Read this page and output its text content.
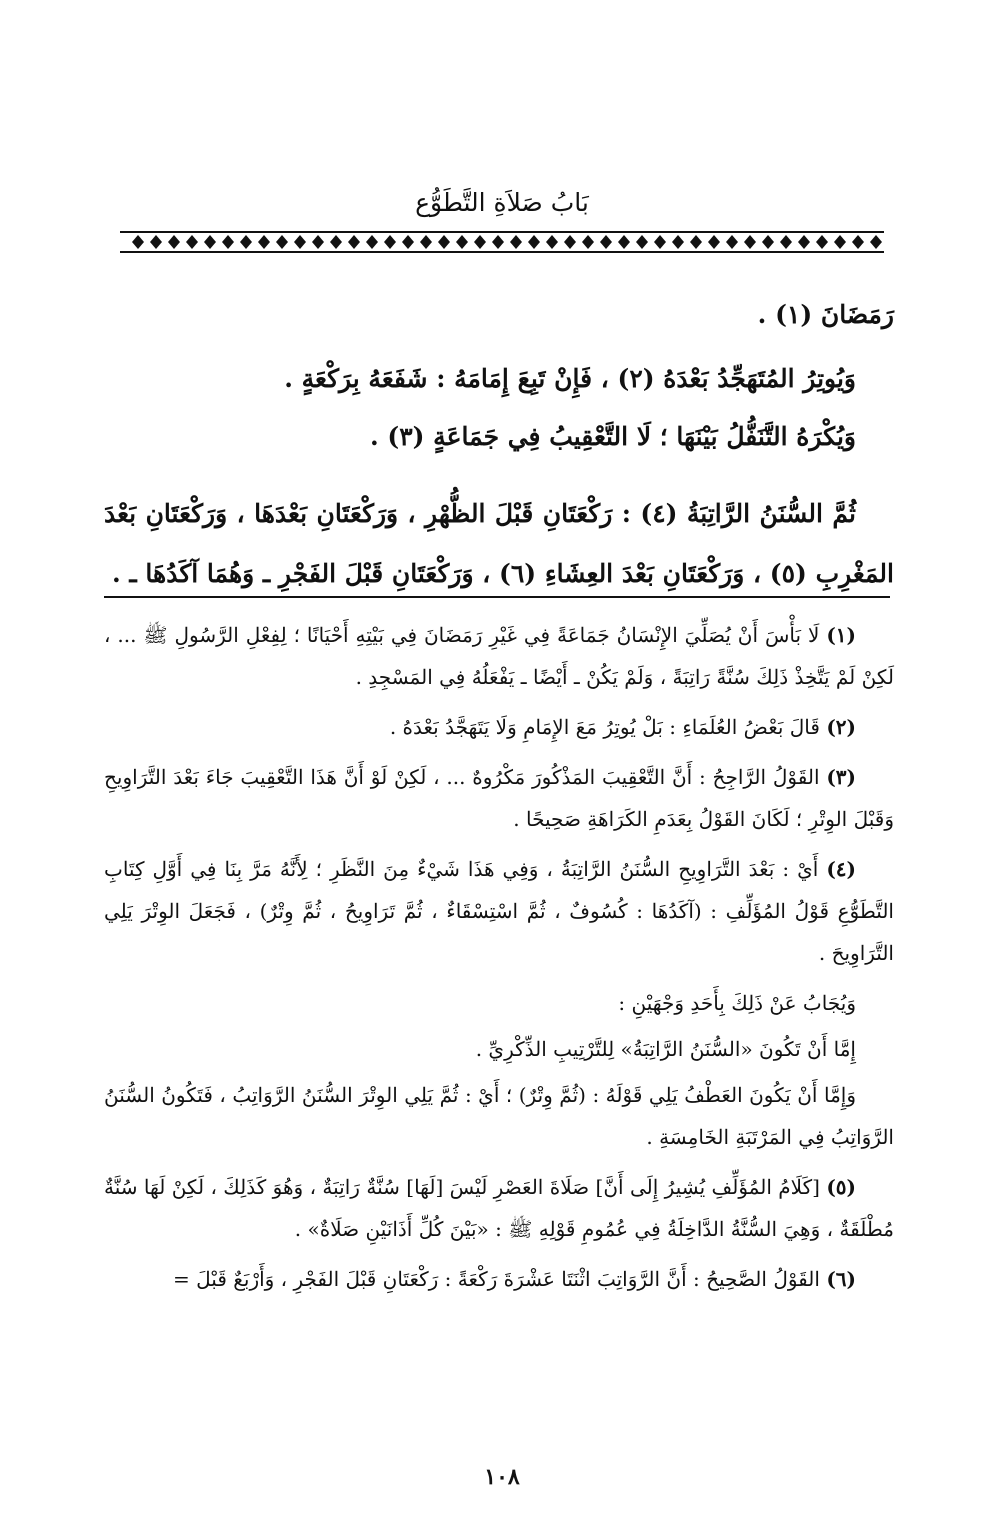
بَابُ صَلاَةِ التَّطَوُّع

رَمَضَانَ (١) .

وَيُوتِرُ المُتَهَجِّدُ بَعْدَهُ (٢) ، فَإِنْ تَبِعَ إِمَامَهُ : شَفَعَهُ بِرَكْعَةٍ .

وَيُكْرَهُ التَّنَفُّلُ بَيْنَهَا ؛ لَا التَّعْقِيبُ فِي جَمَاعَةٍ (٣) .

ثُمَّ السُّنَنُ الرَّاتِبَةُ (٤) : رَكْعَتَانِ قَبْلَ الظُّهْرِ ، وَرَكْعَتَانِ بَعْدَهَا ، وَرَكْعَتَانِ بَعْدَ المَغْرِبِ (٥) ، وَرَكْعَتَانِ بَعْدَ العِشَاءِ (٦) ، وَرَكْعَتَانِ قَبْلَ الفَجْرِ ـ وَهُمَا آكَدُهَا ـ .

(١) لَا بَأْسَ أَنْ يُصَلِّيَ الإِنْسَانُ جَمَاعَةً فِي غَيْرِ رَمَضَانَ فِي بَيْتِهِ أَحْيَانًا ؛ لِفِعْلِ الرَّسُولِ ﷺ ... ، لَكِنْ لَمْ يَتَّخِذْ ذَلِكَ سُنَّةً رَاتِبَةً ، وَلَمْ يَكُنْ ـ أَيْضًا ـ يَفْعَلُهُ فِي المَسْجِدِ .

(٢) قَالَ بَعْضُ العُلَمَاءِ : بَلْ يُوتِرُ مَعَ الإِمَامِ وَلَا يَتَهَجَّدُ بَعْدَهُ .

(٣) القَوْلُ الرَّاجِحُ : أَنَّ التَّعْقِيبَ المَذْكُورَ مَكْرُوهٌ ... ، لَكِنْ لَوْ أَنَّ هَذَا التَّعْقِيبَ جَاءَ بَعْدَ التَّرَاوِيحِ وَقَبْلَ الوِتْرِ ؛ لَكَانَ القَوْلُ بِعَدَمِ الكَرَاهَةِ صَحِيحًا .

(٤) أَيْ : بَعْدَ التَّرَاوِيحِ السُّنَنُ الرَّاتِبَةُ ، وَفِي هَذَا شَيْءٌ مِنَ النَّظَرِ ؛ لِأَنَّهُ مَرَّ بِنَا فِي أَوَّلِ كِتَابِ التَّطَوُّعِ قَوْلُ المُؤَلِّفِ : (آكَدُهَا : كُسُوفٌ ، ثُمَّ اسْتِسْقَاءٌ ، ثُمَّ تَرَاوِيحُ ، ثُمَّ وِتْرٌ) ، فَجَعَلَ الوِتْرَ يَلِي التَّرَاوِيحَ .

وَيُجَابُ عَنْ ذَلِكَ بِأَحَدِ وَجْهَيْنِ :

إِمَّا أَنْ تَكُونَ «السُّنَنُ الرَّاتِبَةُ» لِلتَّرْتِيبِ الذِّكْرِيِّ .

وَإِمَّا أَنْ يَكُونَ العَطْفُ يَلِي قَوْلَهُ : (ثُمَّ وِتْرٌ) ؛ أَيْ : ثُمَّ يَلِي الوِتْرَ السُّنَنُ الرَّوَاتِبُ ، فَتَكُونُ السُّنَنُ الرَّوَاتِبُ فِي المَرْتَبَةِ الخَامِسَةِ .

(٥) [كَلَامُ المُؤَلِّفِ يُشِيرُ إِلَى أَنَّ] صَلَاةَ العَصْرِ لَيْسَ [لَهَا] سُنَّةٌ رَاتِبَةٌ ، وَهُوَ كَذَلِكَ ، لَكِنْ لَهَا سُنَّةٌ مُطْلَقَةٌ ، وَهِيَ السُّنَّةُ الدَّاخِلَةُ فِي عُمُومِ قَوْلِهِ ﷺ : «بَيْنَ كُلِّ أَذَانَيْنِ صَلَاةٌ» .

(٦) القَوْلُ الصَّحِيحُ : أَنَّ الرَّوَاتِبَ اثْنَتَا عَشْرَةَ رَكْعَةً : رَكْعَتَانِ قَبْلَ الفَجْرِ ، وَأَرْبَعٌ قَبْلَ =

١٠٨
